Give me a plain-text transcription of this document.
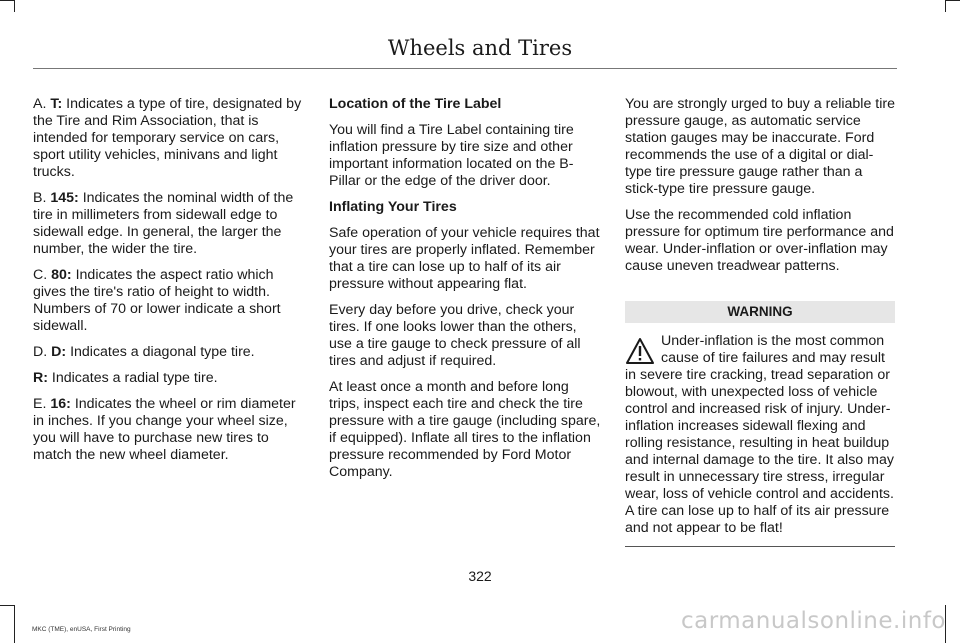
Wheels and Tires

A. T: Indicates a type of tire, designated by the Tire and Rim Association, that is intended for temporary service on cars, sport utility vehicles, minivans and light trucks.

B. 145: Indicates the nominal width of the tire in millimeters from sidewall edge to sidewall edge. In general, the larger the number, the wider the tire.

C. 80: Indicates the aspect ratio which gives the tire's ratio of height to width. Numbers of 70 or lower indicate a short sidewall.

D. D: Indicates a diagonal type tire.

R: Indicates a radial type tire.

E. 16: Indicates the wheel or rim diameter in inches. If you change your wheel size, you will have to purchase new tires to match the new wheel diameter.

Location of the Tire Label

You will find a Tire Label containing tire inflation pressure by tire size and other important information located on the B-Pillar or the edge of the driver door.

Inflating Your Tires

Safe operation of your vehicle requires that your tires are properly inflated. Remember that a tire can lose up to half of its air pressure without appearing flat.

Every day before you drive, check your tires. If one looks lower than the others, use a tire gauge to check pressure of all tires and adjust if required.

At least once a month and before long trips, inspect each tire and check the tire pressure with a tire gauge (including spare, if equipped). Inflate all tires to the inflation pressure recommended by Ford Motor Company.

You are strongly urged to buy a reliable tire pressure gauge, as automatic service station gauges may be inaccurate. Ford recommends the use of a digital or dial-type tire pressure gauge rather than a stick-type tire pressure gauge.

Use the recommended cold inflation pressure for optimum tire performance and wear. Under-inflation or over-inflation may cause uneven treadwear patterns.

WARNING
Under-inflation is the most common cause of tire failures and may result in severe tire cracking, tread separation or blowout, with unexpected loss of vehicle control and increased risk of injury. Under-inflation increases sidewall flexing and rolling resistance, resulting in heat buildup and internal damage to the tire. It also may result in unnecessary tire stress, irregular wear, loss of vehicle control and accidents. A tire can lose up to half of its air pressure and not appear to be flat!
322
MKC (TME), enUSA, First Printing	carmanualsonline.info
